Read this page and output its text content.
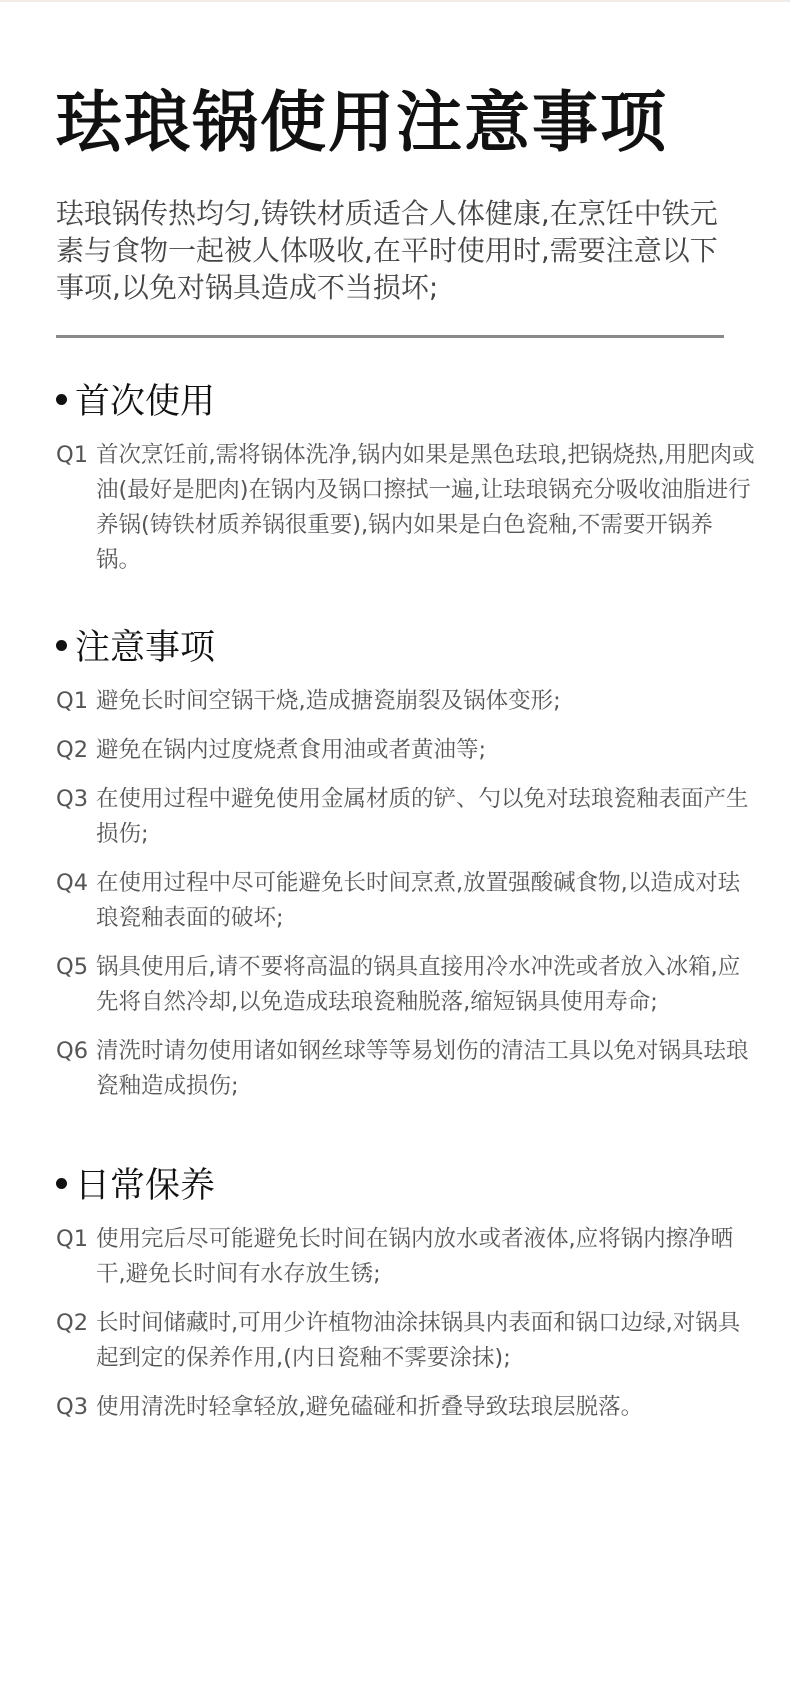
珐琅锅使用注意事项

珐琅锅传热均匀,铸铁材质适合人体健康,在烹饪中铁元素与食物一起被人体吸收,在平时使用时,需要注意以下事项,以免对锅具造成不当损坏;

首次使用
Q1 首次烹饪前,需将锅体洗净,锅内如果是黑色珐琅,把锅烧热,用肥肉或油(最好是肥肉)在锅内及锅口擦拭一遍,让珐琅锅充分吸收油脂进行养锅(铸铁材质养锅很重要),锅内如果是白色瓷釉,不需要开锅养锅。
注意事项
Q1 避免长时间空锅干烧,造成搪瓷崩裂及锅体变形;
Q2 避免在锅内过度烧煮食用油或者黄油等;
Q3 在使用过程中避免使用金属材质的铲、勺以免对珐琅瓷釉表面产生损伤;
Q4 在使用过程中尽可能避免长时间烹煮,放置强酸碱食物,以造成对珐琅瓷釉表面的破坏;
Q5 锅具使用后,请不要将高温的锅具直接用冷水冲洗或者放入冰箱,应先将自然冷却,以免造成珐琅瓷釉脱落,缩短锅具使用寿命;
Q6 清洗时请勿使用诸如钢丝球等等易划伤的清洁工具以免对锅具珐琅瓷釉造成损伤;
日常保养
Q1 使用完后尽可能避免长时间在锅内放水或者液体,应将锅内擦净晒干,避免长时间有水存放生锈;
Q2 长时间储藏时,可用少许植物油涂抹锅具内表面和锅口边绿,对锅具起到定的保养作用,(内日瓷釉不霁要涂抹);
Q3 使用清洗时轻拿轻放,避免磕碰和折叠导致珐琅层脱落。
